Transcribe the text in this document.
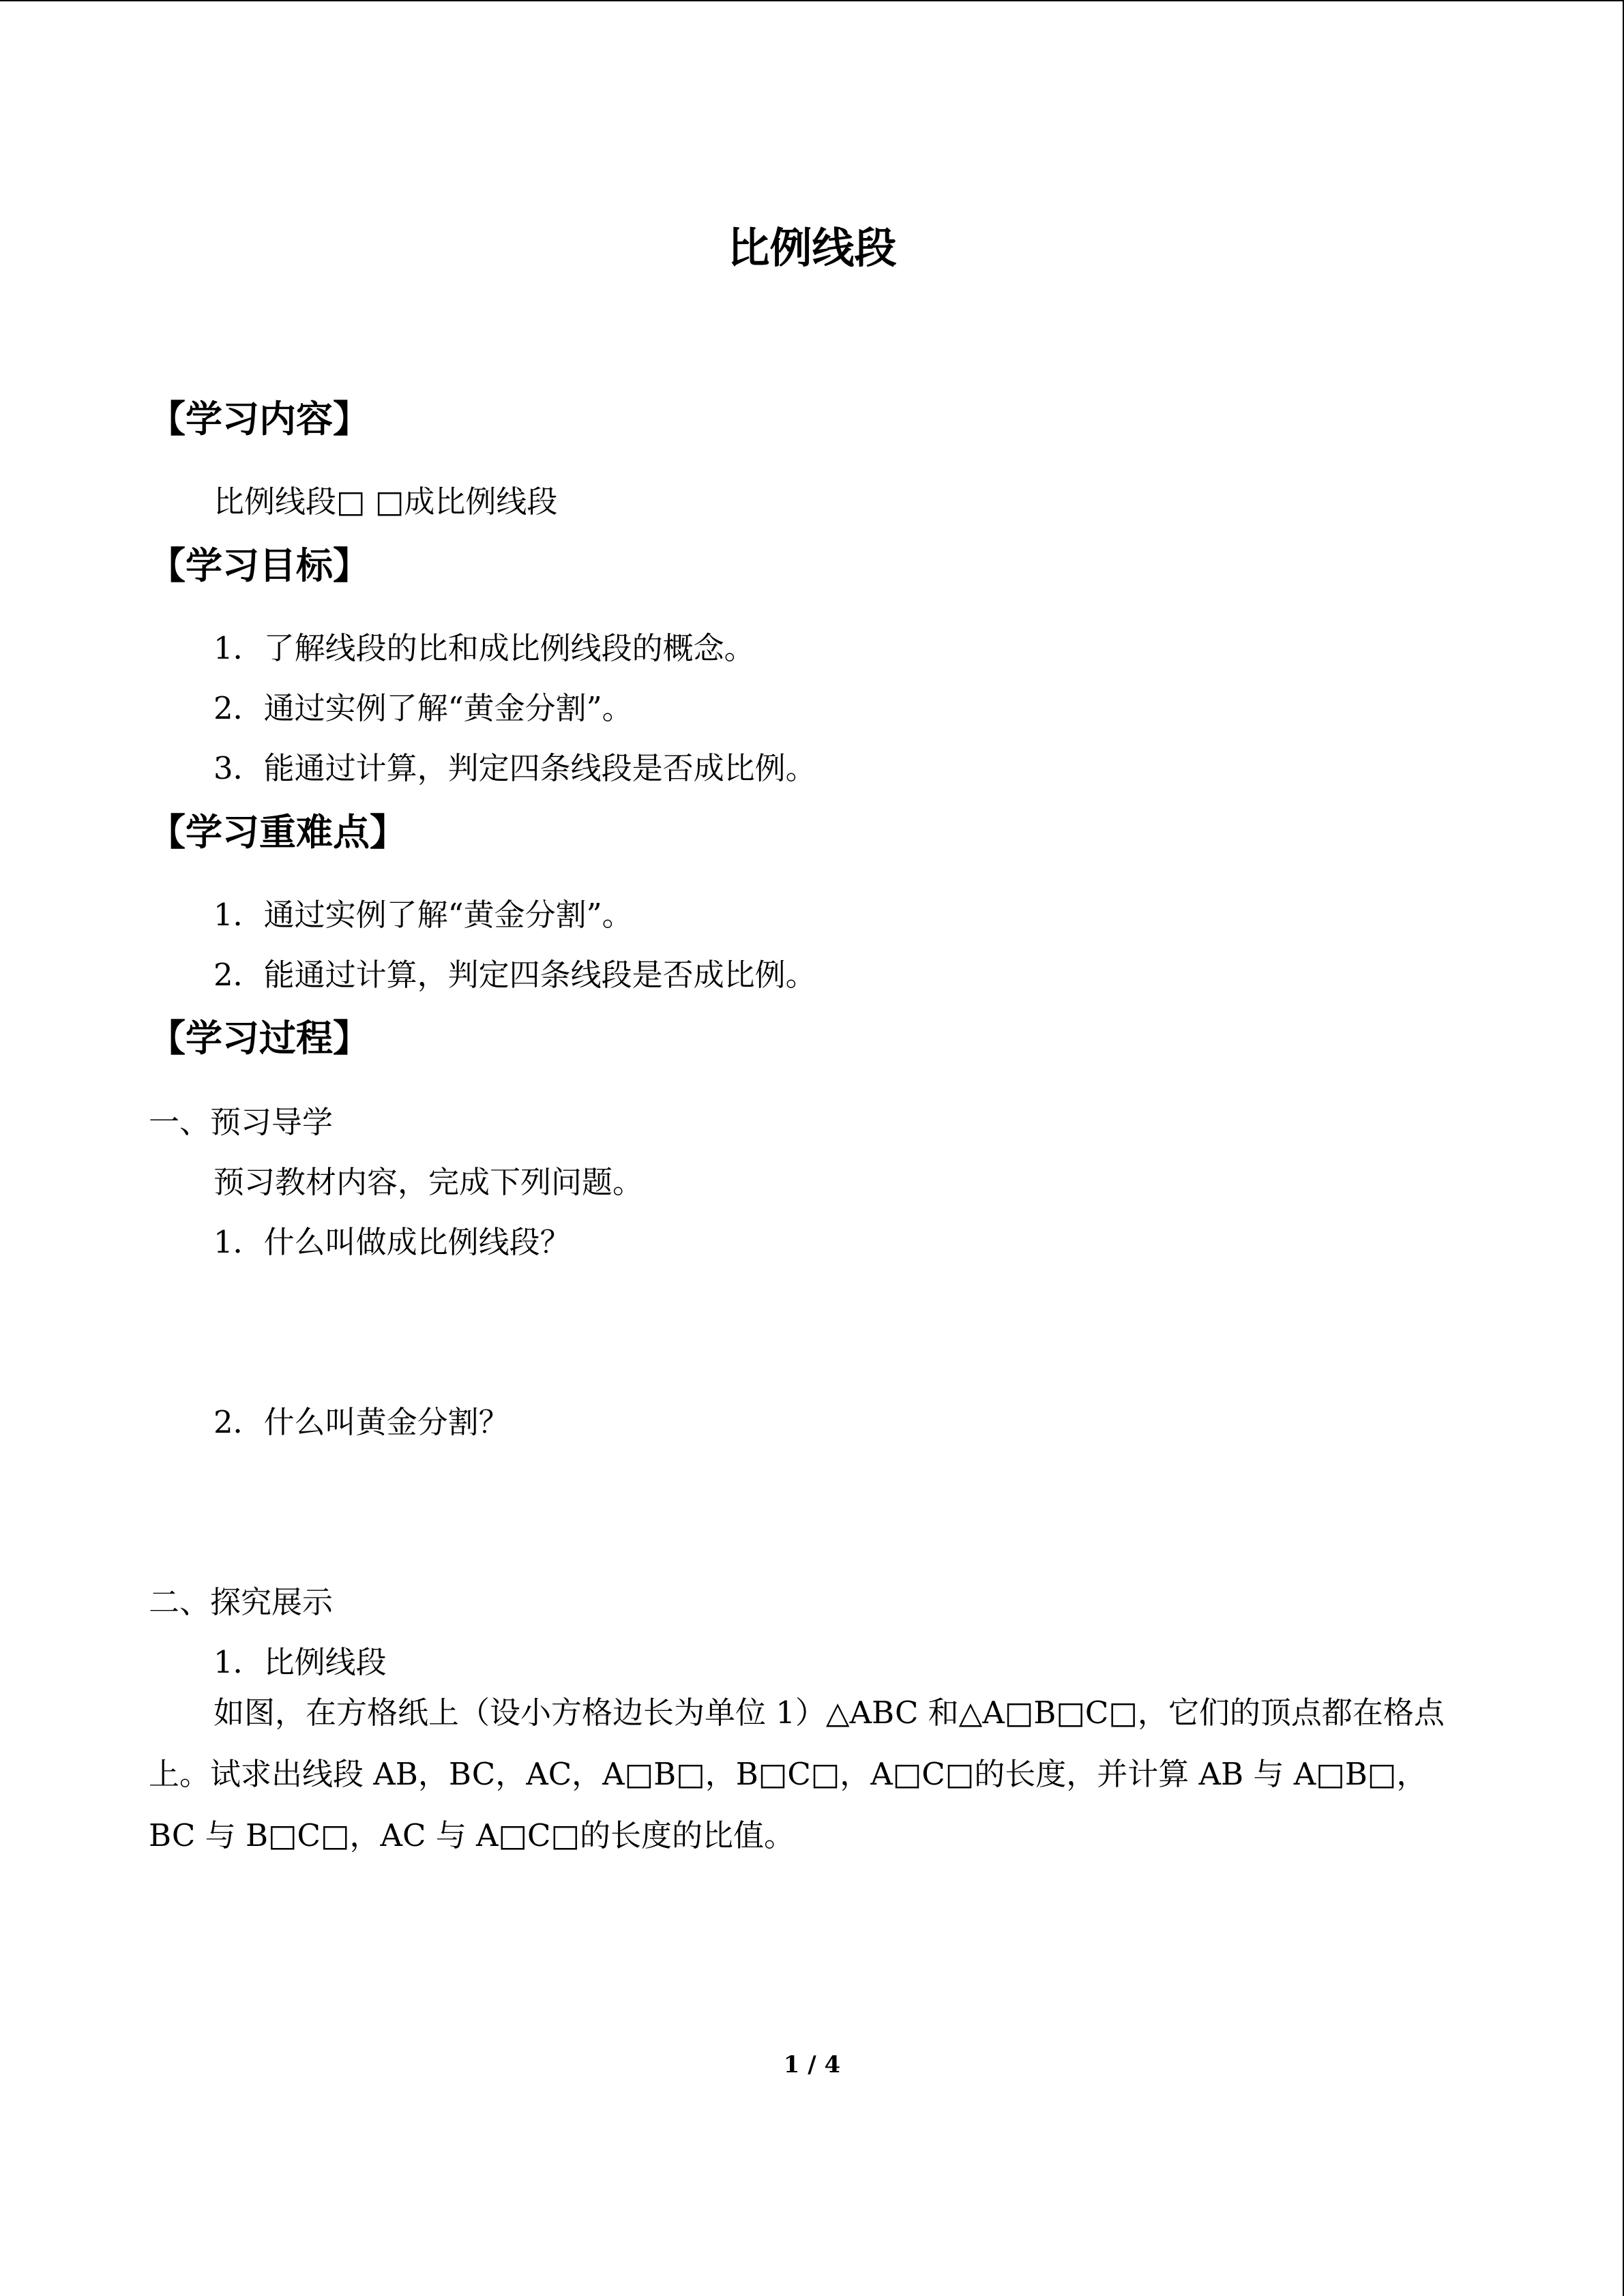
比例线段
【学习内容】
比例线段□ □成比例线段
【学习目标】
1．了解线段的比和成比例线段的概念。
2．通过实例了解“黄金分割”。
3．能通过计算，判定四条线段是否成比例。
【学习重难点】
1．通过实例了解“黄金分割”。
2．能通过计算，判定四条线段是否成比例。
【学习过程】
一、预习导学
预习教材内容，完成下列问题。
1．什么叫做成比例线段？
2．什么叫黄金分割？
二、探究展示
1．比例线段
如图，在方格纸上（设小方格边长为单位 1）△ABC 和△A□B□C□，它们的顶点都在格点上。试求出线段 AB，BC，AC，A□B□，B□C□，A□C□的长度，并计算 AB 与 A□B□，BC 与 B□C□，AC 与 A□C□的长度的比值。
1 / 4
